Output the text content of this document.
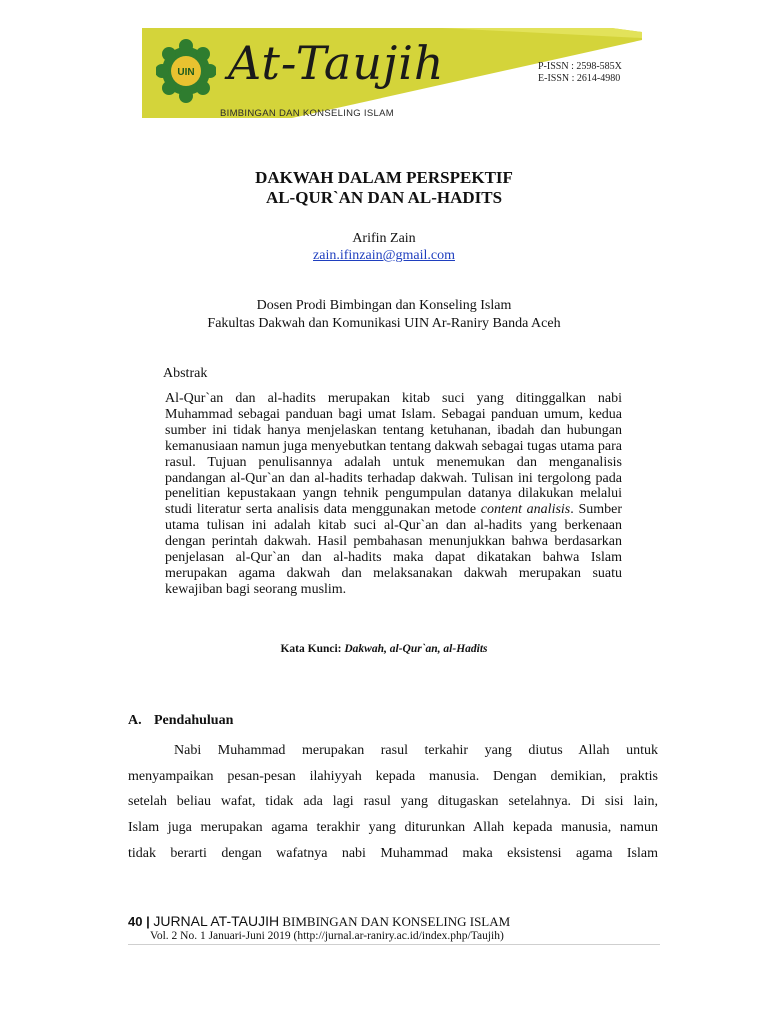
UIN At-Taujih
BIMBINGAN DAN KONSELING ISLAM
P-ISSN : 2598-585X
E-ISSN : 2614-4980
DAKWAH DALAM PERSPEKTIF
AL-QUR`AN DAN AL-HADITS
Arifin Zain
zain.ifinzain@gmail.com
Dosen Prodi Bimbingan dan Konseling Islam
Fakultas Dakwah dan Komunikasi UIN Ar-Raniry Banda Aceh
Abstrak

Al-Qur`an dan al-hadits merupakan kitab suci yang ditinggalkan nabi Muhammad sebagai panduan bagi umat Islam. Sebagai panduan umum, kedua sumber ini tidak hanya menjelaskan tentang ketuhanan, ibadah dan hubungan kemanusiaan namun juga menyebutkan tentang dakwah sebagai tugas utama para rasul. Tujuan penulisannya adalah untuk menemukan dan menganalisis pandangan al-Qur`an dan al-hadits terhadap dakwah. Tulisan ini tergolong pada penelitian kepustakaan yangn tehnik pengumpulan datanya dilakukan melalui studi literatur serta analisis data menggunakan metode content analisis. Sumber utama tulisan ini adalah kitab suci al-Qur`an dan al-hadits yang berkenaan dengan perintah dakwah. Hasil pembahasan menunjukkan bahwa berdasarkan penjelasan al-Qur`an dan al-hadits maka dapat dikatakan bahwa Islam merupakan agama dakwah dan melaksanakan dakwah merupakan suatu kewajiban bagi seorang muslim.

Kata Kunci: Dakwah, al-Qur`an, al-Hadits
A. Pendahuluan
Nabi Muhammad merupakan rasul terkahir yang diutus Allah untuk
menyampaikan pesan-pesan ilahiyyah kepada manusia. Dengan demikian, praktis
setelah beliau wafat, tidak ada lagi rasul yang ditugaskan setelahnya. Di sisi lain,
Islam juga merupakan agama terakhir yang diturunkan Allah kepada manusia, namun
tidak berarti dengan wafatnya nabi Muhammad maka eksistensi agama Islam
40 | JURNAL AT-TAUJIH BIMBINGAN DAN KONSELING ISLAM
Vol. 2 No. 1 Januari-Juni 2019 (http://jurnal.ar-raniry.ac.id/index.php/Taujih)
